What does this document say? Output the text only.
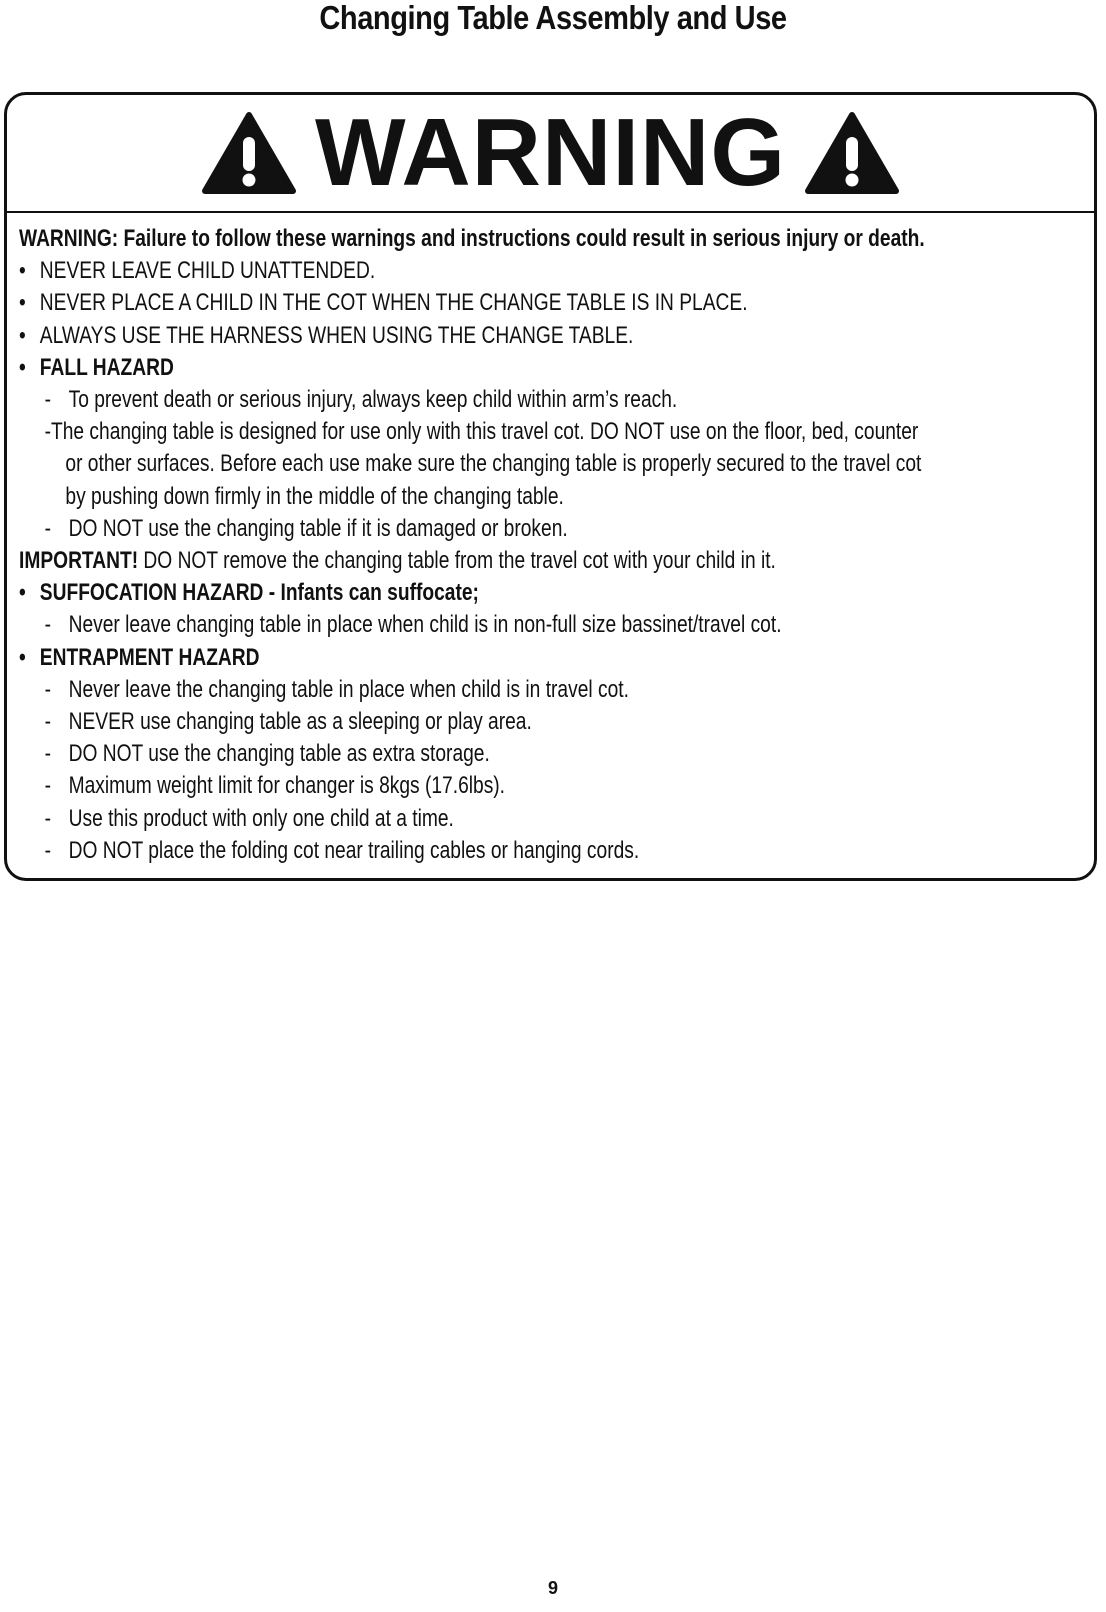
Changing Table Assembly and Use
WARNING
WARNING: Failure to follow these warnings and instructions could result in serious injury or death.
• NEVER LEAVE CHILD UNATTENDED.
• NEVER PLACE A CHILD IN THE COT WHEN THE CHANGE TABLE IS IN PLACE.
• ALWAYS USE THE HARNESS WHEN USING THE CHANGE TABLE.
• FALL HAZARD
- To prevent death or serious injury, always keep child within arm’s reach.
- The changing table is designed for use only with this travel cot. DO NOT use on the floor, bed, counter
or other surfaces. Before each use make sure the changing table is properly secured to the travel cot
by pushing down firmly in the middle of the changing table.
- DO NOT use the changing table if it is damaged or broken.
IMPORTANT! DO NOT remove the changing table from the travel cot with your child in it.
• SUFFOCATION HAZARD - Infants can suffocate;
- Never leave changing table in place when child is in non-full size bassinet/travel cot.
• ENTRAPMENT HAZARD
- Never leave the changing table in place when child is in travel cot.
- NEVER use changing table as a sleeping or play area.
- DO NOT use the changing table as extra storage.
- Maximum weight limit for changer is 8kgs (17.6lbs).
- Use this product with only one child at a time.
- DO NOT place the folding cot near trailing cables or hanging cords.
9
